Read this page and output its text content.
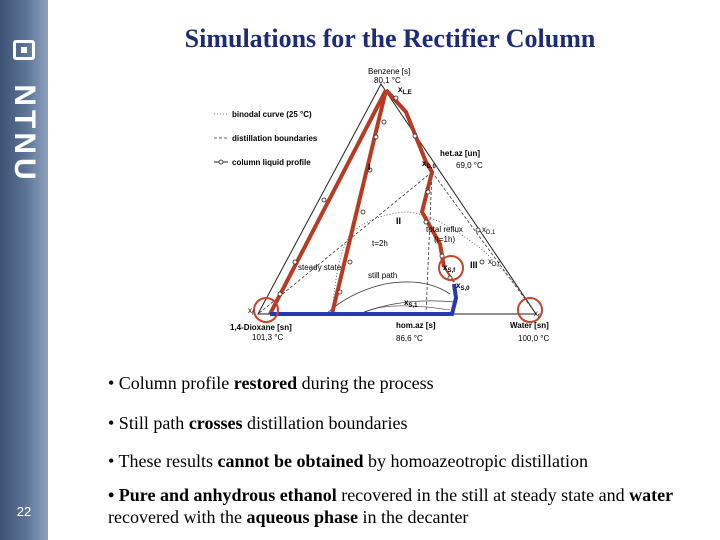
NTNU
22
Simulations for the Rectifier Column
Benzene [s]
80,1 °C
1,4-Dioxane [sn]
101,3 °C
Water [sn]
100,0 °C
hom.az [s]
86,6 °C
binodal curve (25 °C)
distillation boundaries
column liquid profile
het.az [un]
69,0 °C
total reflux
(t=1h)
t=2h
steady state
still path
I
II
III
$x_{L,E}$
$x_{D,0}$
$x_{D,1}$
$x_{D,f}$
$x_{S,0}$
$x_{S,1}$
$x_{S,f}$
$x_f$	$x_f$
• Column profile restored during the process
• Still path crosses distillation boundaries
• These results cannot be obtained by homoazeotropic distillation
• Pure and anhydrous ethanol recovered in the still at steady state and water recovered with the aqueous phase in the decanter
